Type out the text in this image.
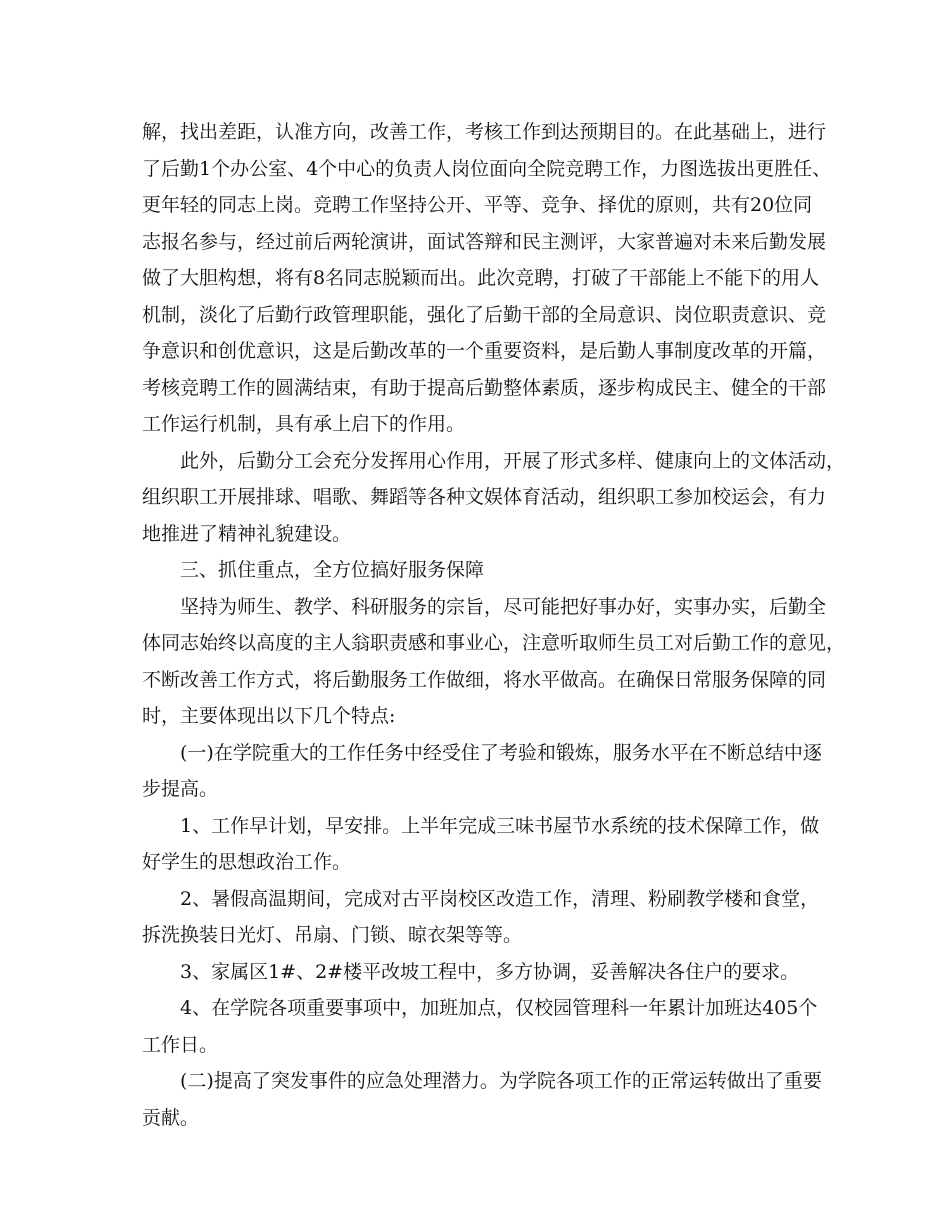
解，找出差距，认准方向，改善工作，考核工作到达预期目的。在此基础上，进行
了后勤1个办公室、4个中心的负责人岗位面向全院竞聘工作，力图选拔出更胜任、
更年轻的同志上岗。竞聘工作坚持公开、平等、竞争、择优的原则，共有20位同
志报名参与，经过前后两轮演讲，面试答辩和民主测评，大家普遍对未来后勤发展
做了大胆构想，将有8名同志脱颖而出。此次竞聘，打破了干部能上不能下的用人
机制，淡化了后勤行政管理职能，强化了后勤干部的全局意识、岗位职责意识、竞
争意识和创优意识，这是后勤改革的一个重要资料，是后勤人事制度改革的开篇，
考核竞聘工作的圆满结束，有助于提高后勤整体素质，逐步构成民主、健全的干部
工作运行机制，具有承上启下的作用。
此外，后勤分工会充分发挥用心作用，开展了形式多样、健康向上的文体活动，
组织职工开展排球、唱歌、舞蹈等各种文娱体育活动，组织职工参加校运会，有力
地推进了精神礼貌建设。
三、抓住重点，全方位搞好服务保障
坚持为师生、教学、科研服务的宗旨，尽可能把好事办好，实事办实，后勤全
体同志始终以高度的主人翁职责感和事业心，注意听取师生员工对后勤工作的意见，
不断改善工作方式，将后勤服务工作做细，将水平做高。在确保日常服务保障的同
时，主要体现出以下几个特点:
(一)在学院重大的工作任务中经受住了考验和锻炼，服务水平在不断总结中逐
步提高。
1、工作早计划，早安排。上半年完成三味书屋节水系统的技术保障工作，做
好学生的思想政治工作。
2、暑假高温期间，完成对古平岗校区改造工作，清理、粉刷教学楼和食堂，
拆洗换装日光灯、吊扇、门锁、晾衣架等等。
3、家属区1#、2#楼平改坡工程中，多方协调，妥善解决各住户的要求。
4、在学院各项重要事项中，加班加点，仅校园管理科一年累计加班达405个
工作日。
(二)提高了突发事件的应急处理潜力。为学院各项工作的正常运转做出了重要
贡献。
